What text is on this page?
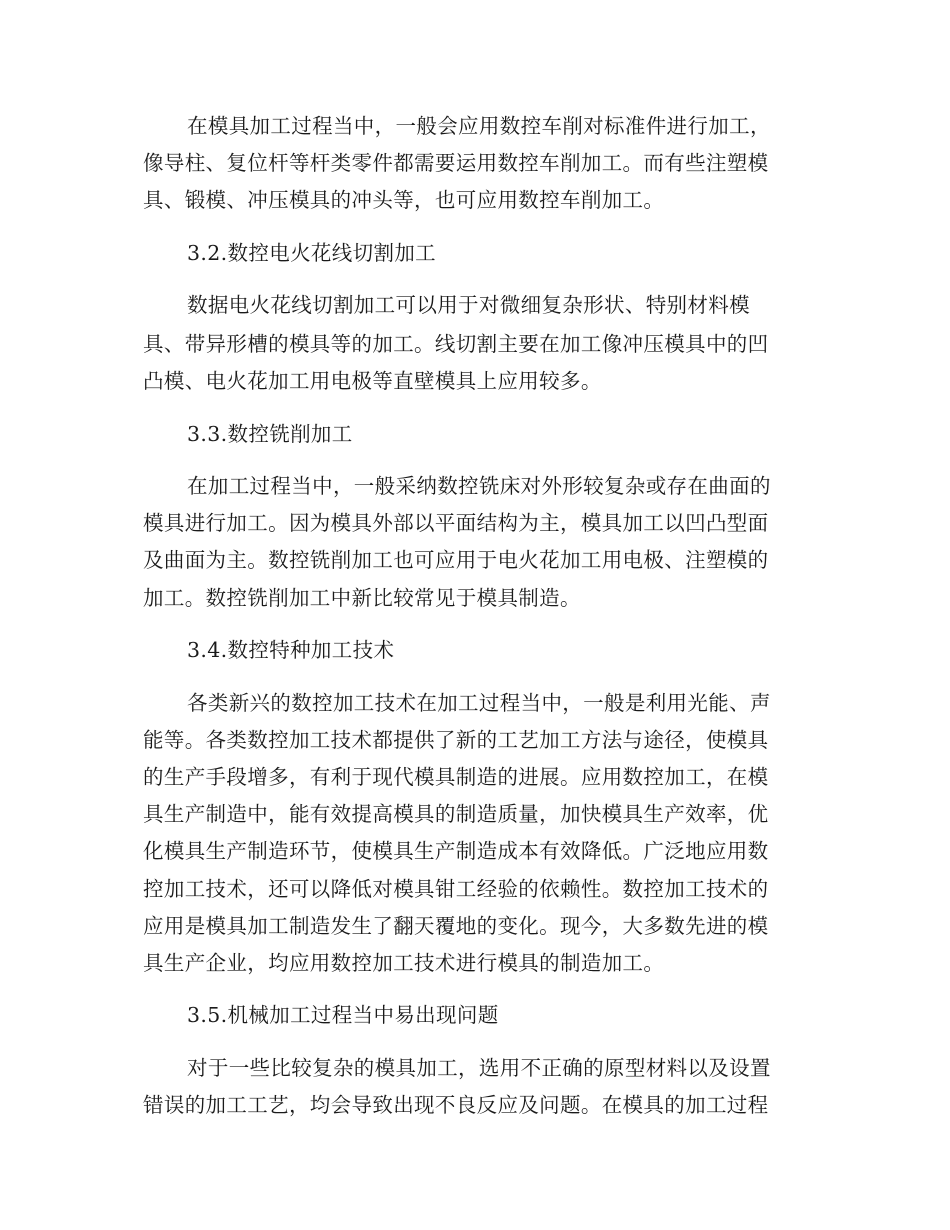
在模具加工过程当中，一般会应用数控车削对标准件进行加工，

像导柱、复位杆等杆类零件都需要运用数控车削加工。而有些注塑模

具、锻模、冲压模具的冲头等，也可应用数控车削加工。

3.2.数控电火花线切割加工

数据电火花线切割加工可以用于对微细复杂形状、特别材料模

具、带异形槽的模具等的加工。线切割主要在加工像冲压模具中的凹

凸模、电火花加工用电极等直壁模具上应用较多。

3.3.数控铣削加工

在加工过程当中，一般采纳数控铣床对外形较复杂或存在曲面的

模具进行加工。因为模具外部以平面结构为主，模具加工以凹凸型面

及曲面为主。数控铣削加工也可应用于电火花加工用电极、注塑模的

加工。数控铣削加工中新比较常见于模具制造。

3.4.数控特种加工技术

各类新兴的数控加工技术在加工过程当中，一般是利用光能、声

能等。各类数控加工技术都提供了新的工艺加工方法与途径，使模具

的生产手段增多，有利于现代模具制造的进展。应用数控加工，在模

具生产制造中，能有效提高模具的制造质量，加快模具生产效率，优

化模具生产制造环节，使模具生产制造成本有效降低。广泛地应用数

控加工技术，还可以降低对模具钳工经验的依赖性。数控加工技术的

应用是模具加工制造发生了翻天覆地的变化。现今，大多数先进的模

具生产企业，均应用数控加工技术进行模具的制造加工。

3.5.机械加工过程当中易出现问题

对于一些比较复杂的模具加工，选用不正确的原型材料以及设置

错误的加工工艺，均会导致出现不良反应及问题。在模具的加工过程
